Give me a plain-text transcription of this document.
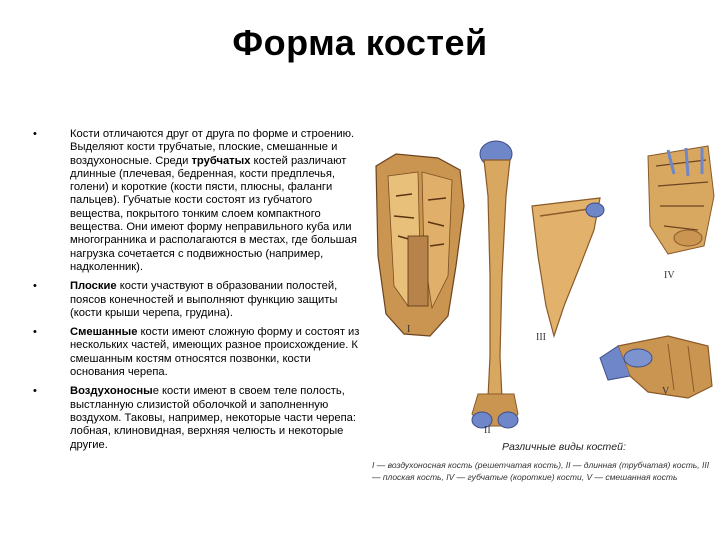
Форма костей
•	Кости отличаются друг от друга по форме и строению. Выделяют кости трубчатые, плоские, смешанные и воздухоносные. Среди трубчатых костей различают длинные (плечевая, бедренная, кости предплечья, голени) и короткие (кости пясти, плюсны, фаланги пальцев). Губчатые кости состоят из губчатого вещества, покрытого тонким слоем компактного вещества. Они имеют форму неправильного куба или многогранника и располагаются в местах, где большая нагрузка сочетается с подвижностью (например, надколенник).
•	Плоские кости участвуют в образовании полостей, поясов конечностей и выполняют функцию защиты (кости крыши черепа, грудина).
•	Смешанные кости имеют сложную форму и состоят из нескольких частей, имеющих разное происхождение. К смешанным костям относятся позвонки, кости основания черепа.
•	Воздухоносные кости имеют в своем теле полость, выстланную слизистой оболочкой и заполненную воздухом. Таковы, например, некоторые части черепа: лобная, клиновидная, верхняя челюсть и некоторые другие.
I
II
III
IV
V
Различные виды костей:
I — воздухоносная кость (решетчатая кость), II — длинная (трубчатая) кость, III — плоская кость, IV — губчатые (короткие) кости, V — смешанная кость
